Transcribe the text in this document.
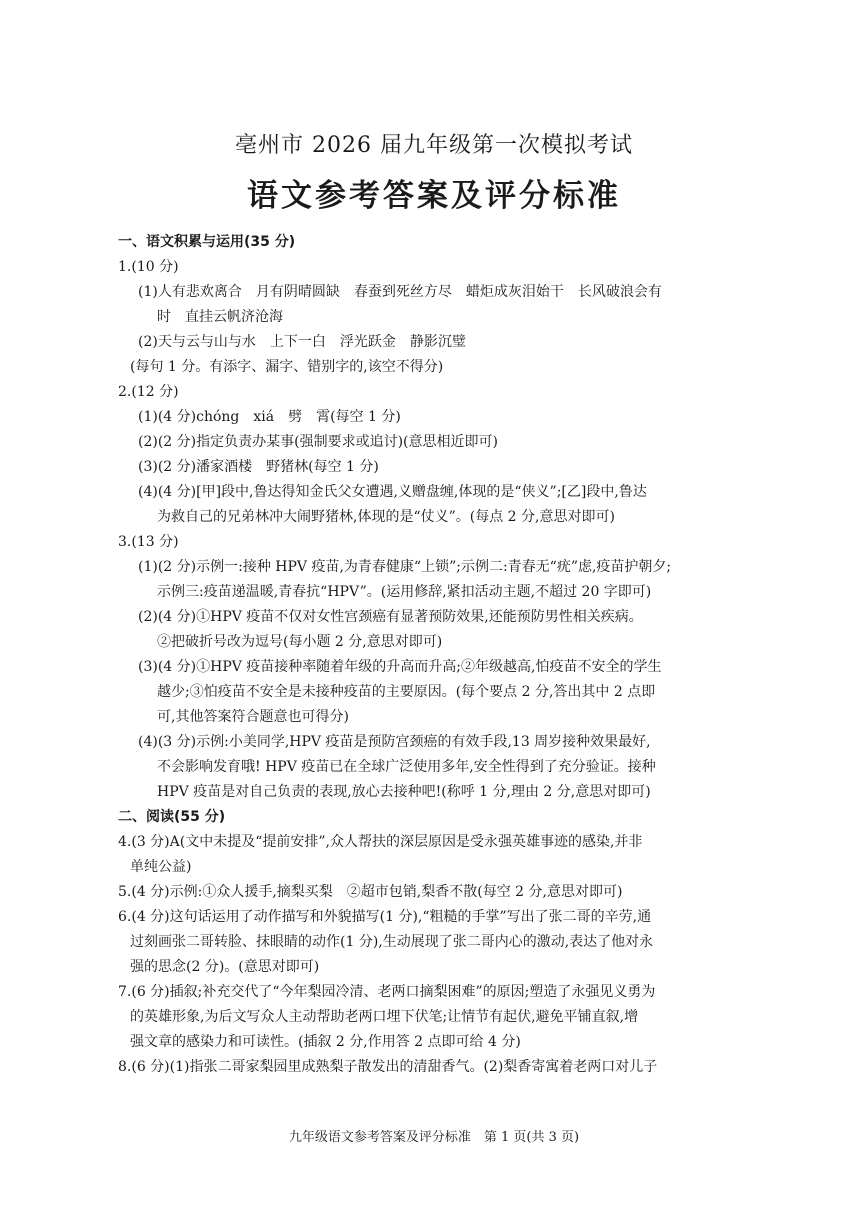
亳州市 2026 届九年级第一次模拟考试
语文参考答案及评分标准
一、语文积累与运用(35 分)
1.(10 分)
(1)人有悲欢离合　月有阴晴圆缺　春蚕到死丝方尽　蜡炬成灰泪始干　长风破浪会有
时　直挂云帆济沧海
(2)天与云与山与水　上下一白　浮光跃金　静影沉璧
(每句 1 分。有添字、漏字、错别字的,该空不得分)
2.(12 分)
(1)(4 分)chóng　xiá　劈　霄(每空 1 分)
(2)(2 分)指定负责办某事(强制要求或追讨)(意思相近即可)
(3)(2 分)潘家酒楼　野猪林(每空 1 分)
(4)(4 分)[甲]段中,鲁达得知金氏父女遭遇,义赠盘缠,体现的是“侠义”;[乙]段中,鲁达
为救自己的兄弟林冲大闹野猪林,体现的是“仗义”。(每点 2 分,意思对即可)
3.(13 分)
(1)(2 分)示例一:接种 HPV 疫苗,为青春健康“上锁”;示例二:青春无“疣”虑,疫苗护朝夕;
示例三:疫苗递温暖,青春抗“HPV”。(运用修辞,紧扣活动主题,不超过 20 字即可)
(2)(4 分)①HPV 疫苗不仅对女性宫颈癌有显著预防效果,还能预防男性相关疾病。
②把破折号改为逗号(每小题 2 分,意思对即可)
(3)(4 分)①HPV 疫苗接种率随着年级的升高而升高;②年级越高,怕疫苗不安全的学生
越少;③怕疫苗不安全是未接种疫苗的主要原因。(每个要点 2 分,答出其中 2 点即
可,其他答案符合题意也可得分)
(4)(3 分)示例:小美同学,HPV 疫苗是预防宫颈癌的有效手段,13 周岁接种效果最好,
不会影响发育哦! HPV 疫苗已在全球广泛使用多年,安全性得到了充分验证。接种
HPV 疫苗是对自己负责的表现,放心去接种吧!(称呼 1 分,理由 2 分,意思对即可)
二、阅读(55 分)
4.(3 分)A(文中未提及“提前安排”,众人帮扶的深层原因是受永强英雄事迹的感染,并非
单纯公益)
5.(4 分)示例:①众人援手,摘梨买梨　②超市包销,梨香不散(每空 2 分,意思对即可)
6.(4 分)这句话运用了动作描写和外貌描写(1 分),“粗糙的手掌”写出了张二哥的辛劳,通
过刻画张二哥转脸、抹眼睛的动作(1 分),生动展现了张二哥内心的激动,表达了他对永
强的思念(2 分)。(意思对即可)
7.(6 分)插叙;补充交代了“今年梨园冷清、老两口摘梨困难”的原因;塑造了永强见义勇为
的英雄形象,为后文写众人主动帮助老两口埋下伏笔;让情节有起伏,避免平铺直叙,增
强文章的感染力和可读性。(插叙 2 分,作用答 2 点即可给 4 分)
8.(6 分)(1)指张二哥家梨园里成熟梨子散发出的清甜香气。(2)梨香寄寓着老两口对儿子
九年级语文参考答案及评分标准　第 1 页(共 3 页)
